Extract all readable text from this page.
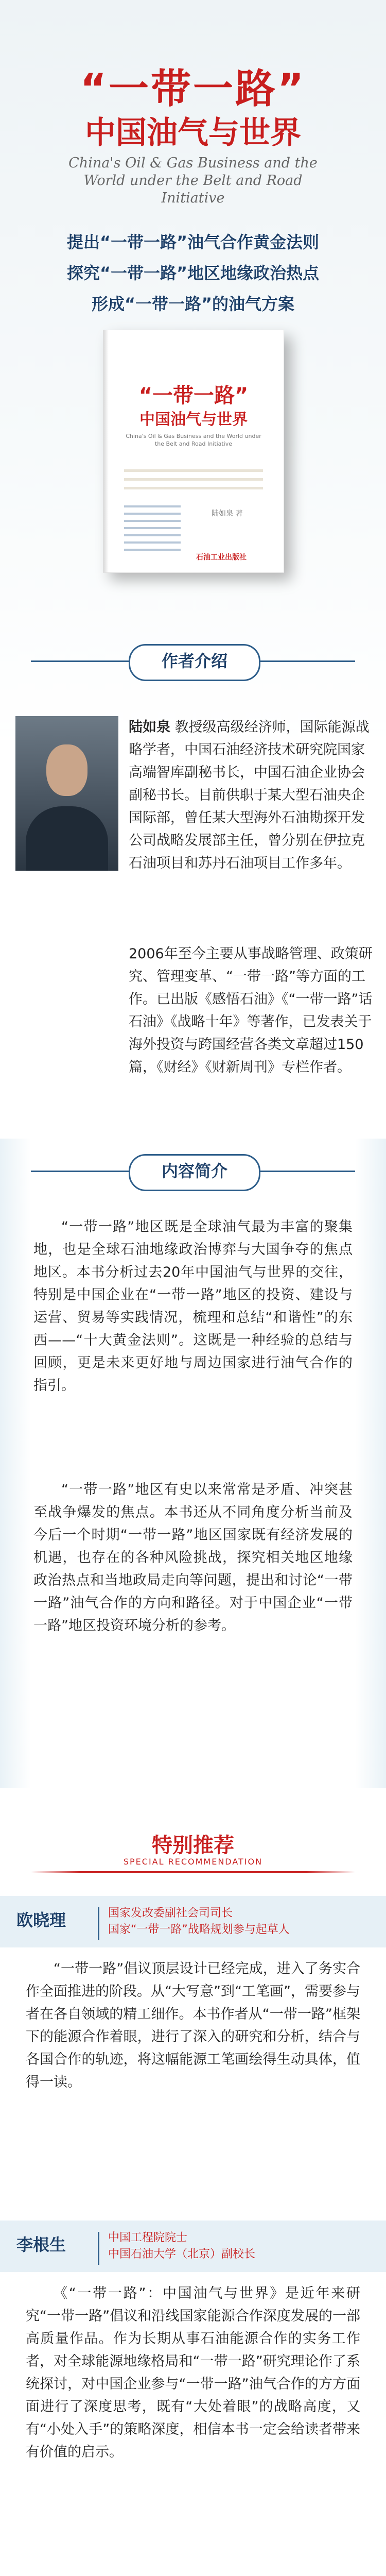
“一带一路”
中国油气与世界
China's Oil & Gas Business and the World under the Belt and Road Initiative
提出“一带一路”油气合作黄金法则
探究“一带一路”地区地缘政治热点
形成“一带一路”的油气方案
“一带一路”
中国油气与世界
China's Oil & Gas Business and the World under the Belt and Road Initiative
陆如泉 著
石油工业出版社
作者介绍
陆如泉 教授级高级经济师，国际能源战略学者，中国石油经济技术研究院国家高端智库副秘书长，中国石油企业协会副秘书长。目前供职于某大型石油央企国际部，曾任某大型海外石油勘探开发公司战略发展部主任，曾分别在伊拉克石油项目和苏丹石油项目工作多年。
2006年至今主要从事战略管理、政策研究、管理变革、“一带一路”等方面的工作。已出版《感悟石油》《“一带一路”话石油》《战略十年》等著作，已发表关于海外投资与跨国经营各类文章超过150篇，《财经》《财新周刊》专栏作者。
内容简介
“一带一路”地区既是全球油气最为丰富的聚集地，也是全球石油地缘政治博弈与大国争夺的焦点地区。本书分析过去20年中国油气与世界的交往，特别是中国企业在“一带一路”地区的投资、建设与运营、贸易等实践情况，梳理和总结“和谐性”的东西——“十大黄金法则”。这既是一种经验的总结与回顾，更是未来更好地与周边国家进行油气合作的指引。
“一带一路”地区有史以来常常是矛盾、冲突甚至战争爆发的焦点。本书还从不同角度分析当前及今后一个时期“一带一路”地区国家既有经济发展的机遇，也存在的各种风险挑战，探究相关地区地缘政治热点和当地政局走向等问题，提出和讨论“一带一路”油气合作的方向和路径。对于中国企业“一带一路”地区投资环境分析的参考。
特别推荐
SPECIAL RECOMMENDATION
欧晓理	国家发改委副社会司司长
国家“一带一路”战略规划参与起草人
“一带一路”倡议顶层设计已经完成，进入了务实合作全面推进的阶段。从“大写意”到“工笔画”，需要参与者在各自领域的精工细作。本书作者从“一带一路”框架下的能源合作着眼，进行了深入的研究和分析，结合与各国合作的轨迹，将这幅能源工笔画绘得生动具体，值得一读。
李根生	中国工程院院士
中国石油大学（北京）副校长
《“一带一路”：中国油气与世界》是近年来研究“一带一路”倡议和沿线国家能源合作深度发展的一部高质量作品。作为长期从事石油能源合作的实务工作者，对全球能源地缘格局和“一带一路”研究理论作了系统探讨，对中国企业参与“一带一路”油气合作的方方面面进行了深度思考，既有“大处着眼”的战略高度，又有“小处入手”的策略深度，相信本书一定会给读者带来有价值的启示。
